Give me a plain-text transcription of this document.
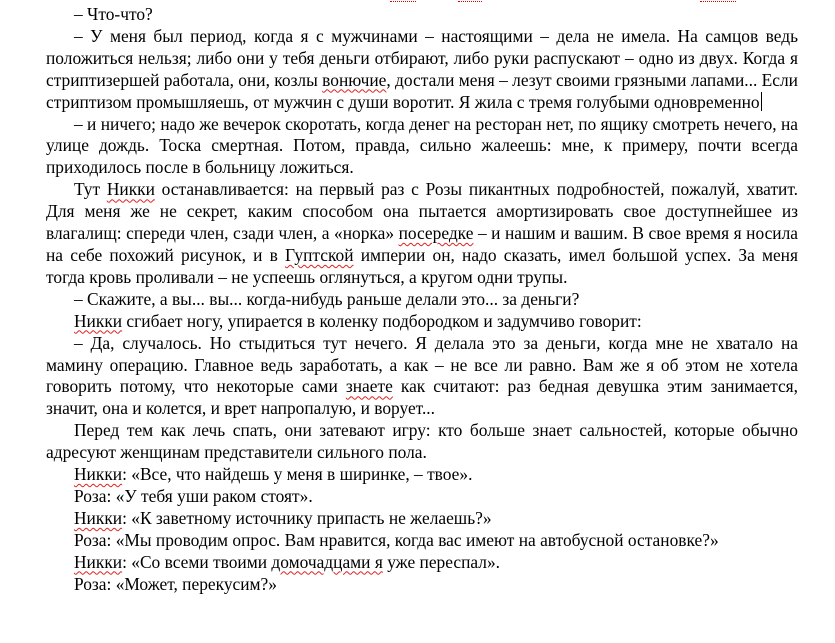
– Что-что?

– У меня был период, когда я с мужчинами – настоящими – дела не имела. На самцов ведь положиться нельзя; либо они у тебя деньги отбирают, либо руки распускают – одно из двух. Когда я стриптизершей работала, они, козлы вонючие, достали меня – лезут своими грязными лапами... Если стриптизом промышляешь, от мужчин с души воротит. Я жила с тремя голубыми одновременно

– и ничего; надо же вечерок скоротать, когда денег на ресторан нет, по ящику смотреть нечего, на улице дождь. Тоска смертная. Потом, правда, сильно жалеешь: мне, к примеру, почти всегда приходилось после в больницу ложиться.

Тут Никки останавливается: на первый раз с Розы пикантных подробностей, пожалуй, хватит. Для меня же не секрет, каким способом она пытается амортизировать свое доступнейшее из влагалищ: спереди член, сзади член, а «норка» посередке – и нашим и вашим. В свое время я носила на себе похожий рисунок, и в Гуптской империи он, надо сказать, имел большой успех. За меня тогда кровь проливали – не успеешь оглянуться, а кругом одни трупы.

– Скажите, а вы... вы... когда-нибудь раньше делали это... за деньги?

Никки сгибает ногу, упирается в коленку подбородком и задумчиво говорит:

– Да, случалось. Но стыдиться тут нечего. Я делала это за деньги, когда мне не хватало на мамину операцию. Главное ведь заработать, а как – не все ли равно. Вам же я об этом не хотела говорить потому, что некоторые сами знаете как считают: раз бедная девушка этим занимается, значит, она и колется, и врет напропалую, и ворует...

Перед тем как лечь спать, они затевают игру: кто больше знает сальностей, которые обычно адресуют женщинам представители сильного пола.

Никки: «Все, что найдешь у меня в ширинке, – твое».

Роза: «У тебя уши раком стоят».

Никки: «К заветному источнику припасть не желаешь?»

Роза: «Мы проводим опрос. Вам нравится, когда вас имеют на автобусной остановке?»

Никки: «Со всеми твоими домочадцами я уже переспал».

Роза: «Может, перекусим?»
